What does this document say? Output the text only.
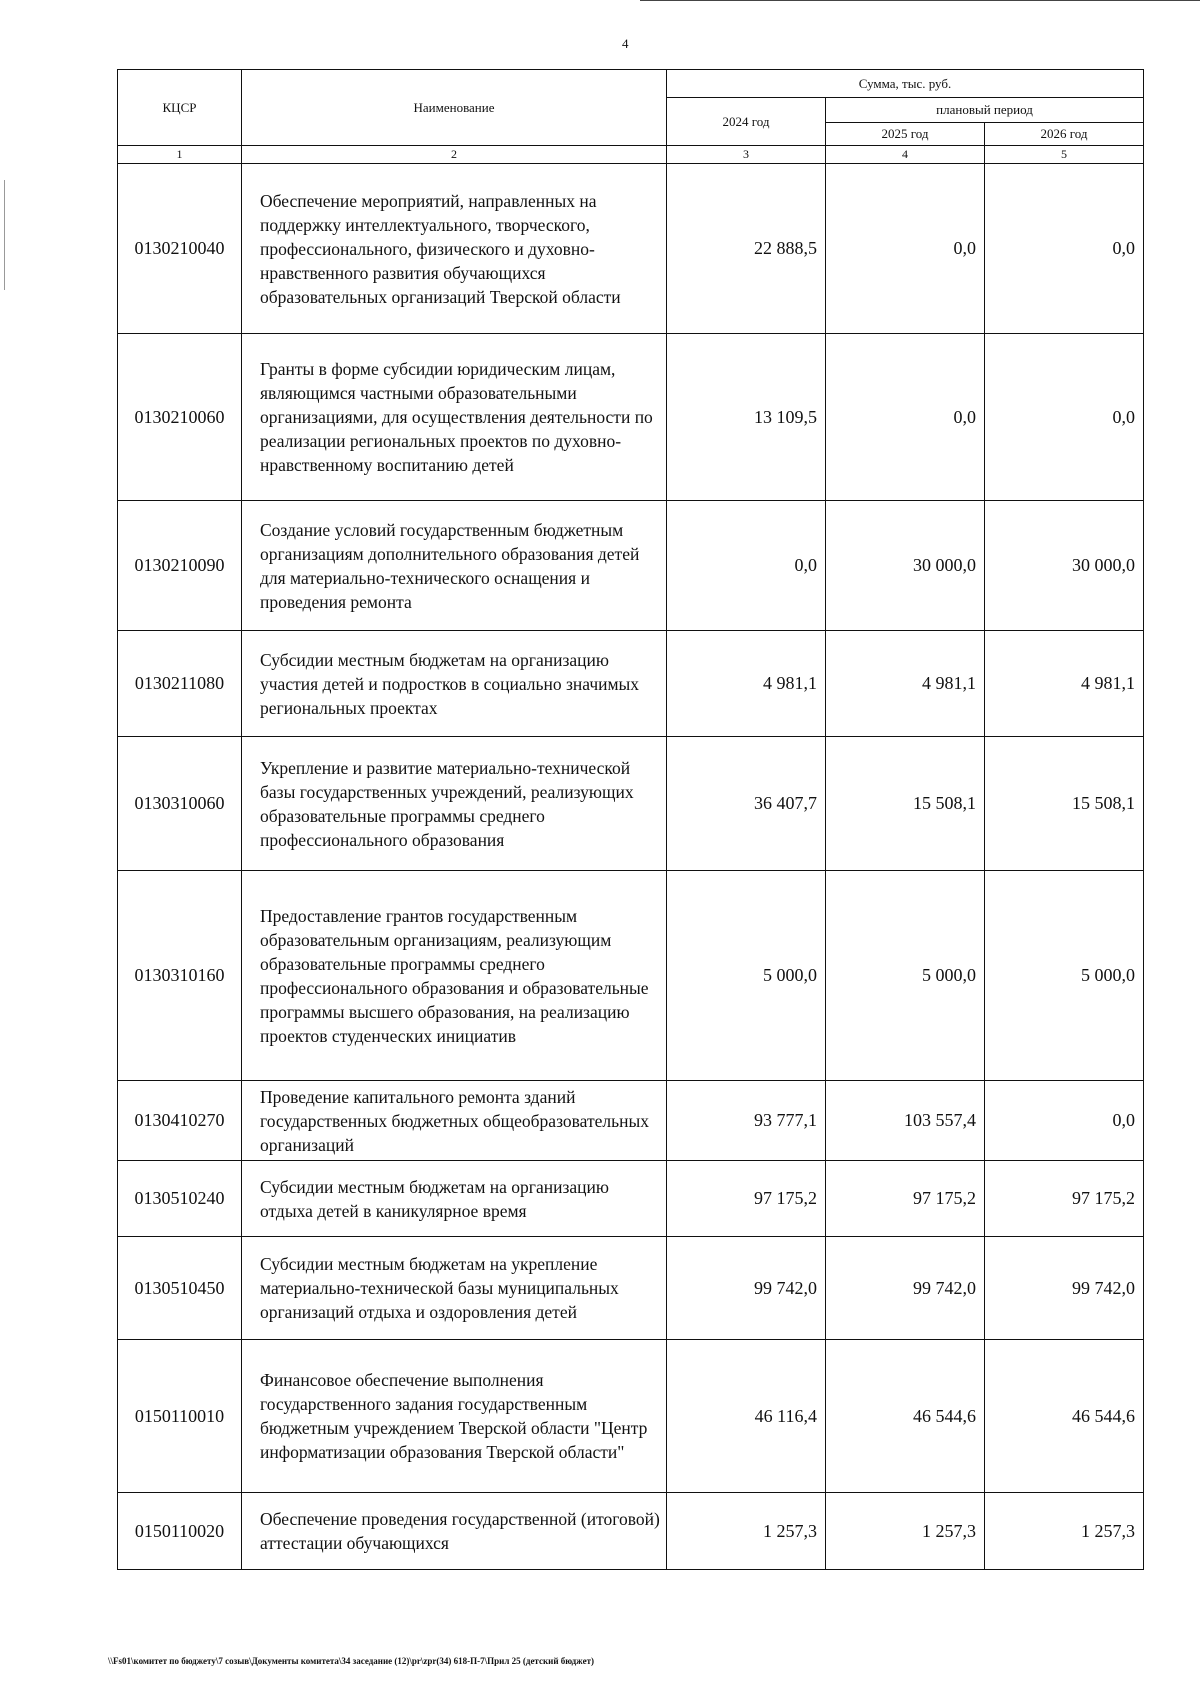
4
КЦСР	Наименование	Сумма, тыс. руб.		
		2024 год	плановый период	
			2025 год	2026 год
1	2	3	4	5
0130210040	Обеспечение мероприятий, направленных на поддержку интеллектуального, творческого, профессионального, физического и духовно-нравственного развития обучающихся образовательных организаций Тверской области	22 888,5	0,0	0,0
0130210060	Гранты в форме субсидии юридическим лицам, являющимся частными образовательными организациями, для осуществления деятельности по реализации региональных проектов по духовно-нравственному воспитанию детей	13 109,5	0,0	0,0
0130210090	Создание условий государственным бюджетным организациям дополнительного образования детей для материально-технического оснащения и проведения ремонта	0,0	30 000,0	30 000,0
0130211080	Субсидии местным бюджетам на организацию участия детей и подростков в социально значимых региональных проектах	4 981,1	4 981,1	4 981,1
0130310060	Укрепление и развитие материально-технической базы государственных учреждений, реализующих образовательные программы среднего профессионального образования	36 407,7	15 508,1	15 508,1
0130310160	Предоставление грантов государственным образовательным организациям, реализующим образовательные программы среднего профессионального образования и образовательные программы высшего образования, на реализацию проектов студенческих инициатив	5 000,0	5 000,0	5 000,0
0130410270	Проведение капитального ремонта зданий государственных бюджетных общеобразовательных организаций	93 777,1	103 557,4	0,0
0130510240	Субсидии местным бюджетам на организацию отдыха детей в каникулярное время	97 175,2	97 175,2	97 175,2
0130510450	Субсидии местным бюджетам на укрепление материально-технической базы муниципальных организаций отдыха и оздоровления детей	99 742,0	99 742,0	99 742,0
0150110010	Финансовое обеспечение выполнения государственного задания государственным бюджетным учреждением Тверской области "Центр информатизации образования Тверской области"	46 116,4	46 544,6	46 544,6
0150110020	Обеспечение проведения государственной (итоговой) аттестации обучающихся	1 257,3	1 257,3	1 257,3
\\Fs01\комитет по бюджету\7 созыв\Документы комитета\34 заседание (12)\pr\zpr(34) 618-П-7\Прил 25 (детский бюджет)
